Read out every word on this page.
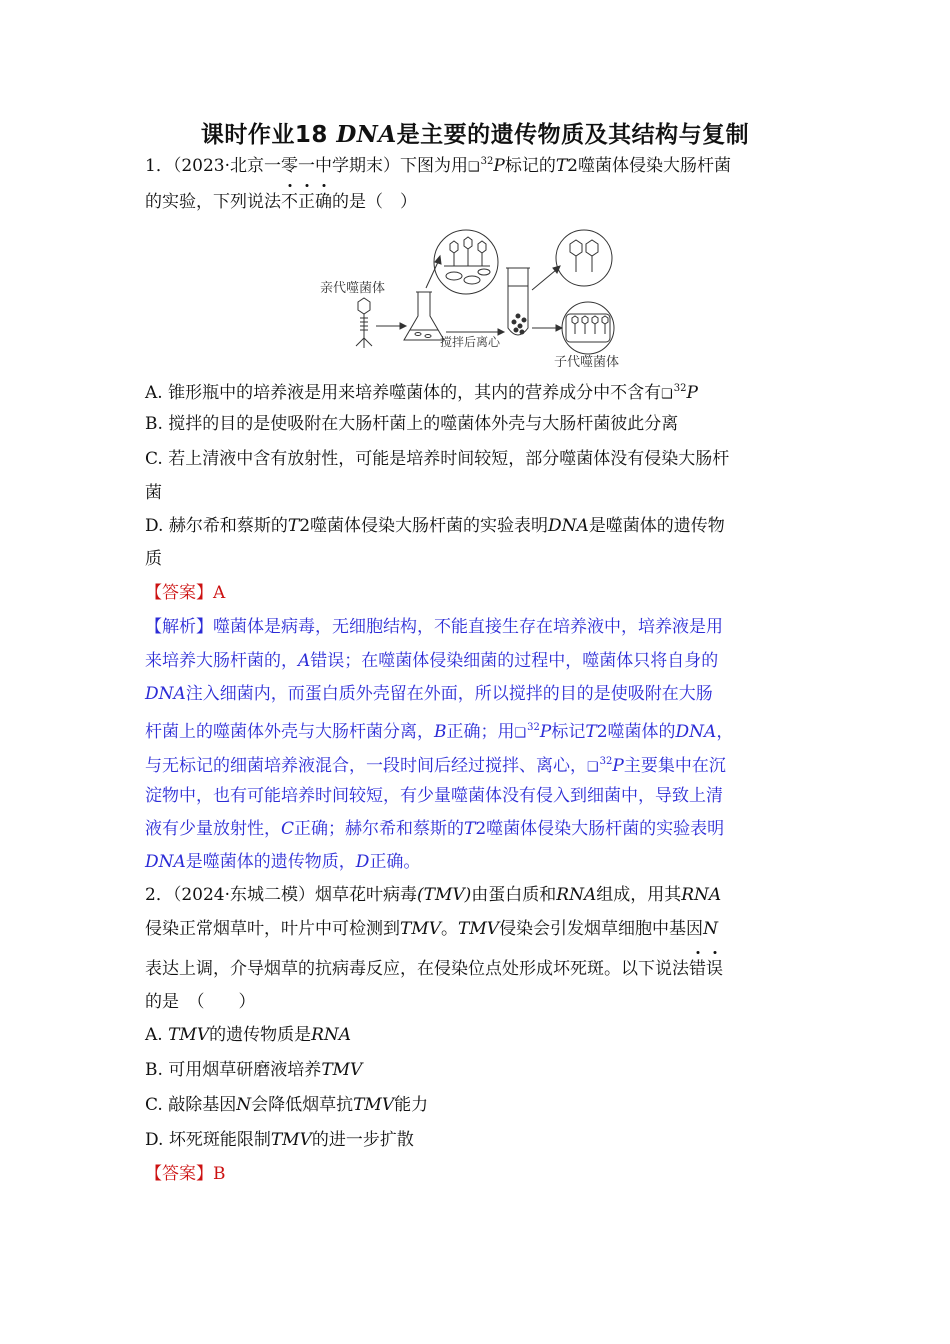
课时作业18 DNA是主要的遗传物质及其结构与复制
1．（2023·北京一零一中学期末）下图为用❑$^{32}$P标记的T2噬菌体侵染大肠杆菌
的实验，下列说法不正确的是（　）
亲代噬菌体
搅拌后离心
子代噬菌体
A. 锥形瓶中的培养液是用来培养噬菌体的，其内的营养成分中不含有❑$^{32}$P
B. 搅拌的目的是使吸附在大肠杆菌上的噬菌体外壳与大肠杆菌彼此分离
C. 若上清液中含有放射性，可能是培养时间较短，部分噬菌体没有侵染大肠杆
菌
D. 赫尔希和蔡斯的T2噬菌体侵染大肠杆菌的实验表明DNA是噬菌体的遗传物
质
【答案】A
【解析】噬菌体是病毒，无细胞结构，不能直接生存在培养液中，培养液是用
来培养大肠杆菌的，A错误；在噬菌体侵染细菌的过程中，噬菌体只将自身的
DNA注入细菌内，而蛋白质外壳留在外面，所以搅拌的目的是使吸附在大肠
杆菌上的噬菌体外壳与大肠杆菌分离，B正确；用❑$^{32}$P标记T2噬菌体的DNA，
与无标记的细菌培养液混合，一段时间后经过搅拌、离心，❑$^{32}$P主要集中在沉
淀物中，也有可能培养时间较短，有少量噬菌体没有侵入到细菌中，导致上清
液有少量放射性，C正确；赫尔希和蔡斯的T2噬菌体侵染大肠杆菌的实验表明
DNA是噬菌体的遗传物质，D正确。
2．（2024·东城二模）烟草花叶病毒(TMV)由蛋白质和RNA组成，用其RNA
侵染正常烟草叶，叶片中可检测到TMV。TMV侵染会引发烟草细胞中基因N
表达上调，介导烟草的抗病毒反应，在侵染位点处形成坏死斑。以下说法错误
的是　（　　）
A. TMV的遗传物质是RNA
B. 可用烟草研磨液培养TMV
C. 敲除基因N会降低烟草抗TMV能力
D. 坏死斑能限制TMV的进一步扩散
【答案】B
